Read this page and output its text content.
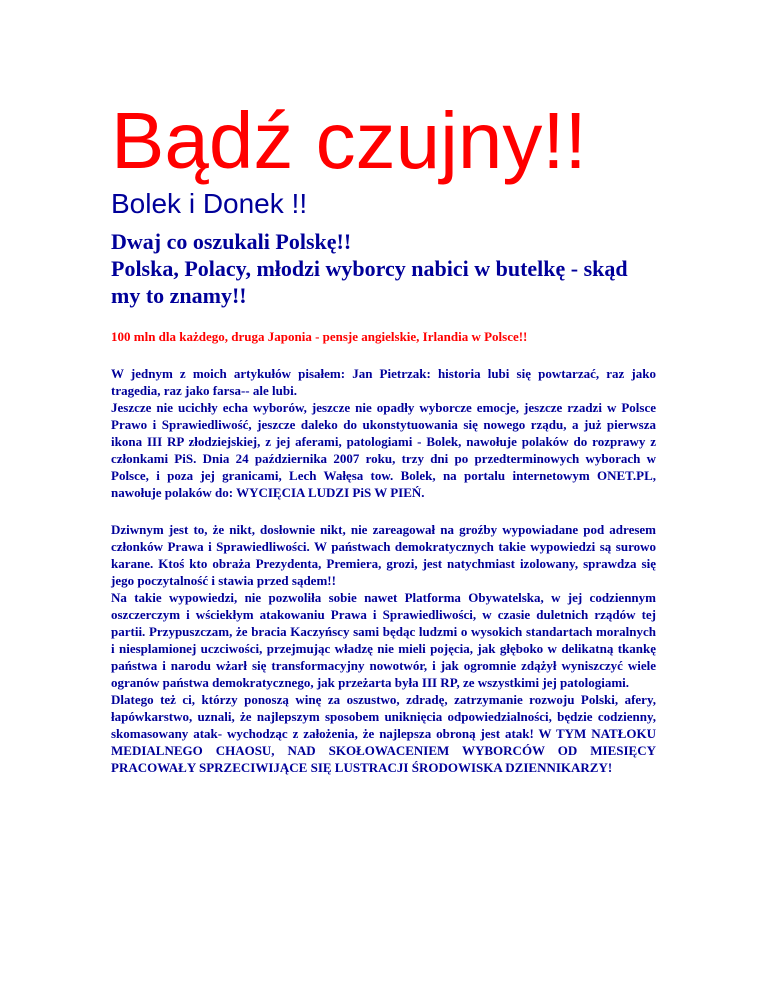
Bądź czujny!!
Bolek i Donek !!
Dwaj co oszukali Polskę!!
Polska, Polacy, młodzi wyborcy nabici w butelkę - skąd my to znamy!!

100 mln dla każdego, druga Japonia - pensje angielskie, Irlandia w Polsce!!

W jednym z moich artykułów pisałem: Jan Pietrzak: historia lubi się powtarzać, raz jako tragedia, raz jako farsa-- ale lubi.

Jeszcze nie ucichły echa wyborów, jeszcze nie opadły wyborcze emocje, jeszcze rzadzi w Polsce Prawo i Sprawiedliwość, jeszcze daleko do ukonstytuowania się nowego rządu, a już pierwsza ikona III RP złodziejskiej, z jej aferami, patologiami - Bolek, nawołuje polaków do rozprawy z członkami PiS. Dnia 24 października 2007 roku, trzy dni po przedterminowych wyborach w Polsce, i poza jej granicami, Lech Wałęsa tow. Bolek, na portalu internetowym ONET.PL, nawołuje polaków do: WYCIĘCIA LUDZI PiS W PIEŃ.

Dziwnym jest to, że nikt, dosłownie nikt, nie zareagował na groźby wypowiadane pod adresem członków Prawa i Sprawiedliwości. W państwach demokratycznych takie wypowiedzi są surowo karane. Ktoś kto obraża Prezydenta, Premiera, grozi, jest natychmiast izolowany, sprawdza się jego poczytalność i stawia przed sądem!!

Na takie wypowiedzi, nie pozwoliła sobie nawet Platforma Obywatelska, w jej codziennym oszczerczym i wściekłym atakowaniu Prawa i Sprawiedliwości, w czasie duletnich rządów tej partii. Przypuszczam, że bracia Kaczyńscy sami będąc ludzmi o wysokich standartach moralnych i niesplamionej uczciwości, przejmując władzę nie mieli pojęcia, jak głęboko w delikatną tkankę państwa i narodu wżarł się transformacyjny nowotwór, i jak ogromnie zdążył wyniszczyć wiele ogranów państwa demokratycznego, jak przeżarta była III RP, ze wszystkimi jej patologiami.

Dlatego też ci, którzy ponoszą winę za oszustwo, zdradę, zatrzymanie rozwoju Polski, afery, łapówkarstwo, uznali, że najlepszym sposobem uniknięcia odpowiedzialności, będzie codzienny, skomasowany atak- wychodząc z założenia, że najlepsza obroną jest atak! W TYM NATŁOKU MEDIALNEGO CHAOSU, NAD SKOŁOWACENIEM WYBORCÓW OD MIESIĘCY PRACOWAŁY SPRZECIWIJĄCE SIĘ LUSTRACJI ŚRODOWISKA DZIENNIKARZY!
